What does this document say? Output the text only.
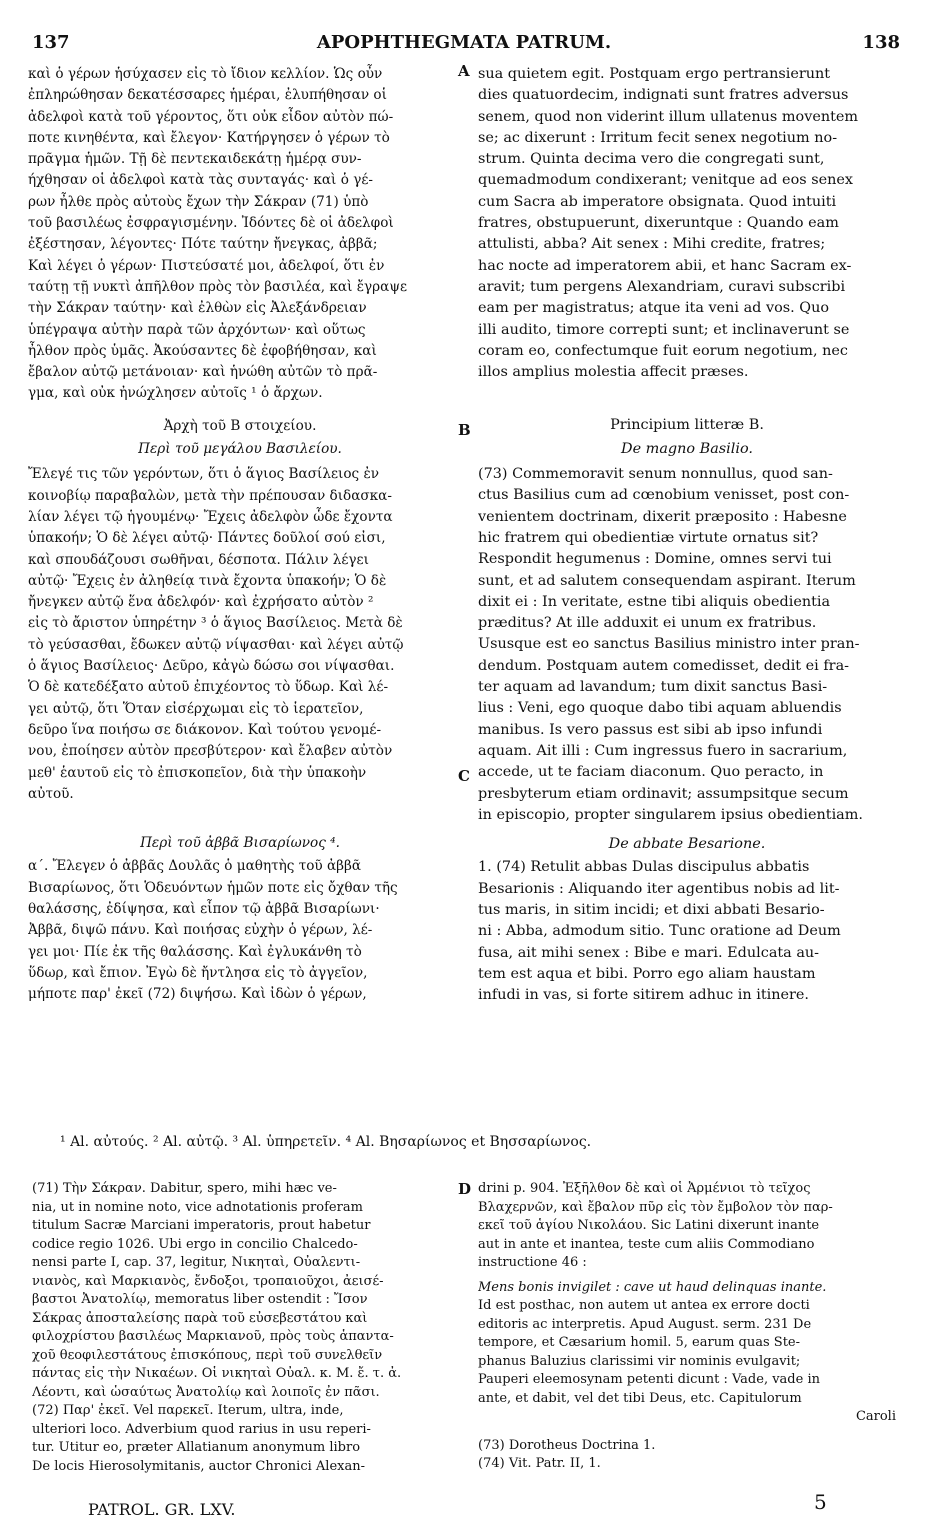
137	APOPHTHEGMATA PATRUM.	138
A
B
C
D
καὶ ὁ γέρων ἡσύχασεν εἰς τὸ ἴδιον κελλίον. Ὡς οὖν
ἐπληρώθησαν δεκατέσσαρες ἡμέραι, ἐλυπήθησαν οἱ
ἀδελφοὶ κατὰ τοῦ γέροντος, ὅτι οὐκ εἶδον αὐτὸν πώ-
ποτε κινηθέντα, καὶ ἔλεγον· Κατήργησεν ὁ γέρων τὸ
πρᾶγμα ἡμῶν. Τῇ δὲ πεντεκαιδεκάτῃ ἡμέρᾳ συν-
ήχθησαν οἱ ἀδελφοὶ κατὰ τὰς συνταγάς· καὶ ὁ γέ-
ρων ἦλθε πρὸς αὐτοὺς ἔχων τὴν Σάκραν (71) ὑπὸ
τοῦ βασιλέως ἐσφραγισμένην. Ἰδόντες δὲ οἱ ἀδελφοὶ
ἐξέστησαν, λέγοντες· Πότε ταύτην ἤνεγκας, ἀββᾶ;
Καὶ λέγει ὁ γέρων· Πιστεύσατέ μοι, ἀδελφοί, ὅτι ἐν
ταύτῃ τῇ νυκτὶ ἀπῆλθον πρὸς τὸν βασιλέα, καὶ ἔγραψε
τὴν Σάκραν ταύτην· καὶ ἐλθὼν εἰς Ἀλεξάνδρειαν
ὑπέγραψα αὐτὴν παρὰ τῶν ἀρχόντων· καὶ οὕτως
ἦλθον πρὸς ὑμᾶς. Ἀκούσαντες δὲ ἐφοβήθησαν, καὶ
ἔβαλον αὐτῷ μετάνοιαν· καὶ ἡνώθη αὐτῶν τὸ πρᾶ-
γμα, καὶ οὐκ ἠνώχλησεν αὐτοῖς ¹ ὁ ἄρχων.
Ἀρχὴ τοῦ Β στοιχείου.
Περὶ τοῦ μεγάλου Βασιλείου.
Ἔλεγέ τις τῶν γερόντων, ὅτι ὁ ἅγιος Βασίλειος ἐν
κοινοβίῳ παραβαλὼν, μετὰ τὴν πρέπουσαν διδασκα-
λίαν λέγει τῷ ἡγουμένῳ· Ἔχεις ἀδελφὸν ὧδε ἔχοντα
ὑπακοήν; Ὁ δὲ λέγει αὐτῷ· Πάντες δοῦλοί σού εἰσι,
καὶ σπουδάζουσι σωθῆναι, δέσποτα. Πάλιν λέγει
αὐτῷ· Ἔχεις ἐν ἀληθείᾳ τινὰ ἔχοντα ὑπακοήν; Ὁ δὲ
ἤνεγκεν αὐτῷ ἕνα ἀδελφόν· καὶ ἐχρήσατο αὐτὸν ²
εἰς τὸ ἄριστον ὑπηρέτην ³ ὁ ἅγιος Βασίλειος. Μετὰ δὲ
τὸ γεύσασθαι, ἔδωκεν αὐτῷ νίψασθαι· καὶ λέγει αὐτῷ
ὁ ἅγιος Βασίλειος· Δεῦρο, κἀγὼ δώσω σοι νίψασθαι.
Ὁ δὲ κατεδέξατο αὐτοῦ ἐπιχέοντος τὸ ὕδωρ. Καὶ λέ-
γει αὐτῷ, ὅτι Ὅταν εἰσέρχωμαι εἰς τὸ ἱερατεῖον,
δεῦρο ἵνα ποιήσω σε διάκονον. Καὶ τούτου γενομέ-
νου, ἐποίησεν αὐτὸν πρεσβύτερον· καὶ ἔλαβεν αὐτὸν
μεθ' ἑαυτοῦ εἰς τὸ ἐπισκοπεῖον, διὰ τὴν ὑπακοὴν
αὐτοῦ.
Περὶ τοῦ ἀββᾶ Βισαρίωνος ⁴.
α΄. Ἔλεγεν ὁ ἀββᾶς Δουλᾶς ὁ μαθητὴς τοῦ ἀββᾶ
Βισαρίωνος, ὅτι Ὁδευόντων ἡμῶν ποτε εἰς ὄχθαν τῆς
θαλάσσης, ἐδίψησα, καὶ εἶπον τῷ ἀββᾶ Βισαρίωνι·
Ἀββᾶ, διψῶ πάνυ. Καὶ ποιήσας εὐχὴν ὁ γέρων, λέ-
γει μοι· Πίε ἐκ τῆς θαλάσσης. Καὶ ἐγλυκάνθη τὸ
ὕδωρ, καὶ ἔπιον. Ἐγὼ δὲ ἤντλησα εἰς τὸ ἀγγεῖον,
μήποτε παρ' ἐκεῖ (72) διψήσω. Καὶ ἰδὼν ὁ γέρων,
sua quietem egit. Postquam ergo pertransierunt
dies quatuordecim, indignati sunt fratres adversus
senem, quod non viderint illum ullatenus moventem
se; ac dixerunt : Irritum fecit senex negotium no-
strum. Quinta decima vero die congregati sunt,
quemadmodum condixerant; venitque ad eos senex
cum Sacra ab imperatore obsignata. Quod intuiti
fratres, obstupuerunt, dixeruntque : Quando eam
attulisti, abba? Ait senex : Mihi credite, fratres;
hac nocte ad imperatorem abii, et hanc Sacram ex-
aravit; tum pergens Alexandriam, curavi subscribi
eam per magistratus; atque ita veni ad vos. Quo
illi audito, timore correpti sunt; et inclinaverunt se
coram eo, confectumque fuit eorum negotium, nec
illos amplius molestia affecit præses.
Principium litteræ B.
De magno Basilio.
(73) Commemoravit senum nonnullus, quod san-
ctus Basilius cum ad cœnobium venisset, post con-
venientem doctrinam, dixerit præposito : Habesne
hic fratrem qui obedientiæ virtute ornatus sit?
Respondit hegumenus : Domine, omnes servi tui
sunt, et ad salutem consequendam aspirant. Iterum
dixit ei : In veritate, estne tibi aliquis obedientia
præditus? At ille adduxit ei unum ex fratribus.
Ususque est eo sanctus Basilius ministro inter pran-
dendum. Postquam autem comedisset, dedit ei fra-
ter aquam ad lavandum; tum dixit sanctus Basi-
lius : Veni, ego quoque dabo tibi aquam abluendis
manibus. Is vero passus est sibi ab ipso infundi
aquam. Ait illi : Cum ingressus fuero in sacrarium,
accede, ut te faciam diaconum. Quo peracto, in
presbyterum etiam ordinavit; assumpsitque secum
in episcopio, propter singularem ipsius obedientiam.
De abbate Besarione.
1. (74) Retulit abbas Dulas discipulus abbatis
Besarionis : Aliquando iter agentibus nobis ad lit-
tus maris, in sitim incidi; et dixi abbati Besario-
ni : Abba, admodum sitio. Tunc oratione ad Deum
fusa, ait mihi senex : Bibe e mari. Edulcata au-
tem est aqua et bibi. Porro ego aliam haustam
infudi in vas, si forte sitirem adhuc in itinere.
¹ Al. αὐτούς. ² Al. αὐτῷ. ³ Al. ὑπηρετεῖν. ⁴ Al. Βησαρίωνος et Βησσαρίωνος.
(71) Τὴν Σάκραν. Dabitur, spero, mihi hæc ve-
nia, ut in nomine noto, vice adnotationis proferam
titulum Sacræ Marciani imperatoris, prout habetur
codice regio 1026. Ubi ergo in concilio Chalcedo-
nensi parte I, cap. 37, legitur, Νικηταὶ, Οὐαλεντι-
νιανὸς, καὶ Μαρκιανὸς, ἔνδοξοι, τροπαιοῦχοι, ἀεισέ-
βαστοι Ἀνατολίῳ, memoratus liber ostendit : Ἴσον
Σάκρας ἀποσταλείσης παρὰ τοῦ εὐσεβεστάτου καὶ
φιλοχρίστου βασιλέως Μαρκιανοῦ, πρὸς τοὺς ἁπαντα-
χοῦ θεοφιλεστάτους ἐπισκόπους, περὶ τοῦ συνελθεῖν
πάντας εἰς τὴν Νικαέων. Οἱ νικηταὶ Οὐαλ. κ. Μ. ἔ. τ. ἀ.
Λέοντι, καὶ ὡσαύτως Ἀνατολίῳ καὶ λοιποῖς ἐν πᾶσι.
(72) Παρ' ἐκεῖ. Vel παρεκεῖ. Iterum, ultra, inde,
ulteriori loco. Adverbium quod rarius in usu reperi-
tur. Utitur eo, præter Allatianum anonymum libro
De locis Hierosolymitanis, auctor Chronici Alexan-
drini p. 904. Ἐξῆλθον δὲ καὶ οἱ Ἀρμένιοι τὸ τεῖχος
Βλαχερνῶν, καὶ ἔβαλον πῦρ εἰς τὸν ἔμβολον τὸν παρ-
εκεῖ τοῦ ἁγίου Νικολάου. Sic Latini dixerunt inante
aut in ante et inantea, teste cum aliis Commodiano
instructione 46 :
Mens bonis invigilet : cave ut haud delinquas inante.
Id est posthac, non autem ut antea ex errore docti
editoris ac interpretis. Apud August. serm. 231 De
tempore, et Cæsarium homil. 5, earum quas Ste-
phanus Baluzius clarissimi vir nominis evulgavit;
Pauperi eleemosynam petenti dicunt : Vade, vade in
ante, et dabit, vel det tibi Deus, etc. Capitulorum
Caroli
(73) Dorotheus Doctrina 1.
(74) Vit. Patr. II, 1.
PATROL. GR. LXV.	5
